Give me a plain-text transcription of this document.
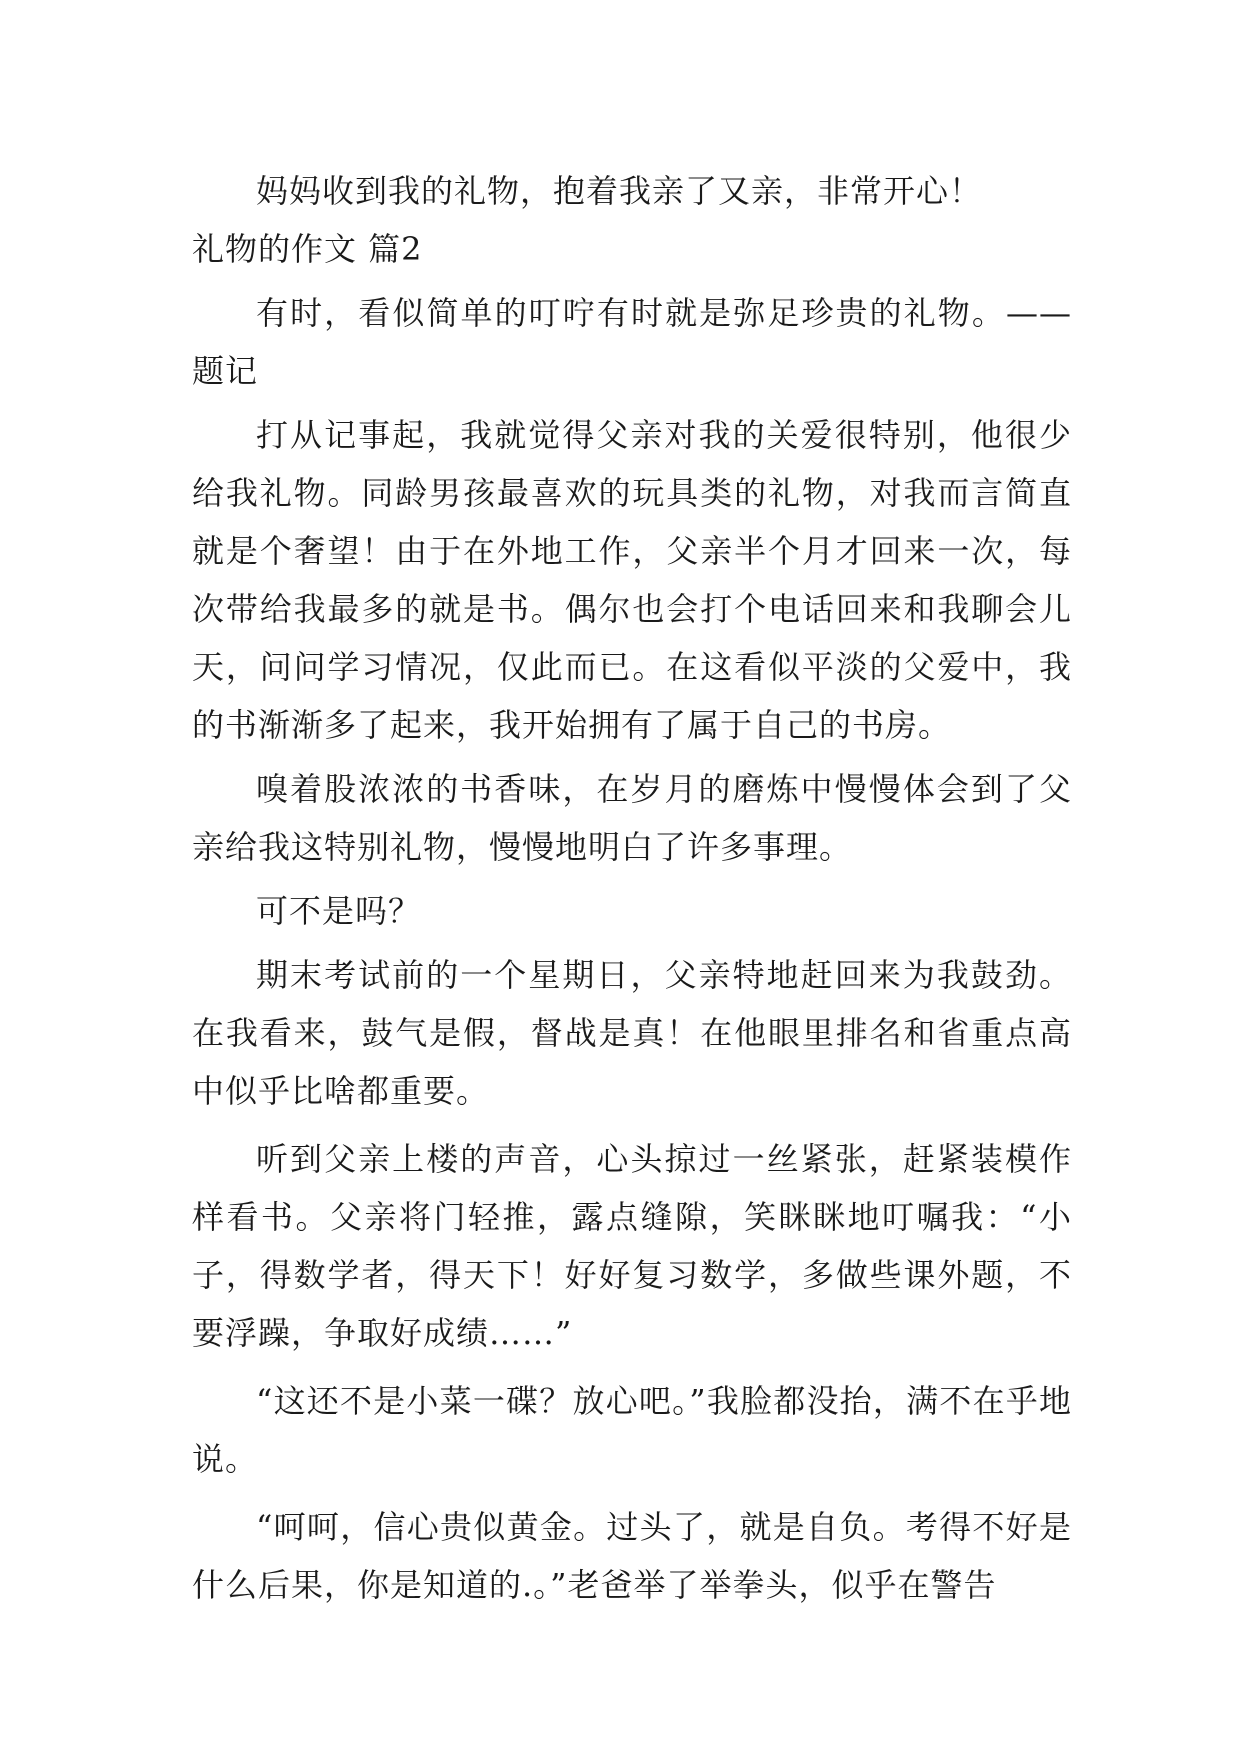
妈妈收到我的礼物，抱着我亲了又亲，非常开心！

礼物的作文 篇2

有时，看似简单的叮咛有时就是弥足珍贵的礼物。——题记

打从记事起，我就觉得父亲对我的关爱很特别，他很少给我礼物。同龄男孩最喜欢的玩具类的礼物，对我而言简直就是个奢望！由于在外地工作，父亲半个月才回来一次，每次带给我最多的就是书。偶尔也会打个电话回来和我聊会儿天，问问学习情况，仅此而已。在这看似平淡的父爱中，我的书渐渐多了起来，我开始拥有了属于自己的书房。

嗅着股浓浓的书香味，在岁月的磨炼中慢慢体会到了父亲给我这特别礼物，慢慢地明白了许多事理。

可不是吗？

期末考试前的一个星期日，父亲特地赶回来为我鼓劲。在我看来，鼓气是假，督战是真！在他眼里排名和省重点高中似乎比啥都重要。

听到父亲上楼的声音，心头掠过一丝紧张，赶紧装模作样看书。父亲将门轻推，露点缝隙，笑眯眯地叮嘱我：“小子，得数学者，得天下！好好复习数学，多做些课外题，不要浮躁，争取好成绩……”

“这还不是小菜一碟？放心吧。”我脸都没抬，满不在乎地说。

“呵呵，信心贵似黄金。过头了，就是自负。考得不好是什么后果，你是知道的.。”老爸举了举拳头，似乎在警告
